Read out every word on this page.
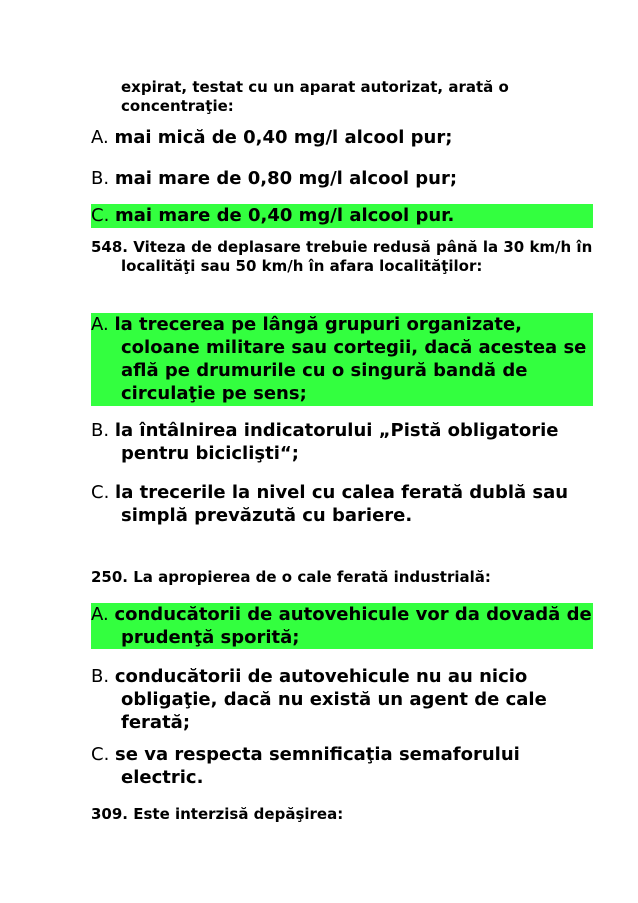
expirat, testat cu un aparat autorizat, arată o concentraţie:
A. mai mică de 0,40 mg/l alcool pur;
B. mai mare de 0,80 mg/l alcool pur;
C. mai mare de 0,40 mg/l alcool pur.
548. Viteza de deplasare trebuie redusă până la 30 km/h în localităţi sau 50 km/h în afara localităţilor:
A. la trecerea pe lângă grupuri organizate, coloane militare sau cortegii, dacă acestea se află pe drumurile cu o singură bandă de circulaţie pe sens;
B. la întâlnirea indicatorului „Pistă obligatorie pentru biciclişti“;
C. la trecerile la nivel cu calea ferată dublă sau simplă prevăzută cu bariere.
250. La apropierea de o cale ferată industrială:
A. conducătorii de autovehicule vor da dovadă de prudenţă sporită;
B. conducătorii de autovehicule nu au nicio obligaţie, dacă nu există un agent de cale ferată;
C. se va respecta semnificaţia semaforului electric.
309. Este interzisă depăşirea:
